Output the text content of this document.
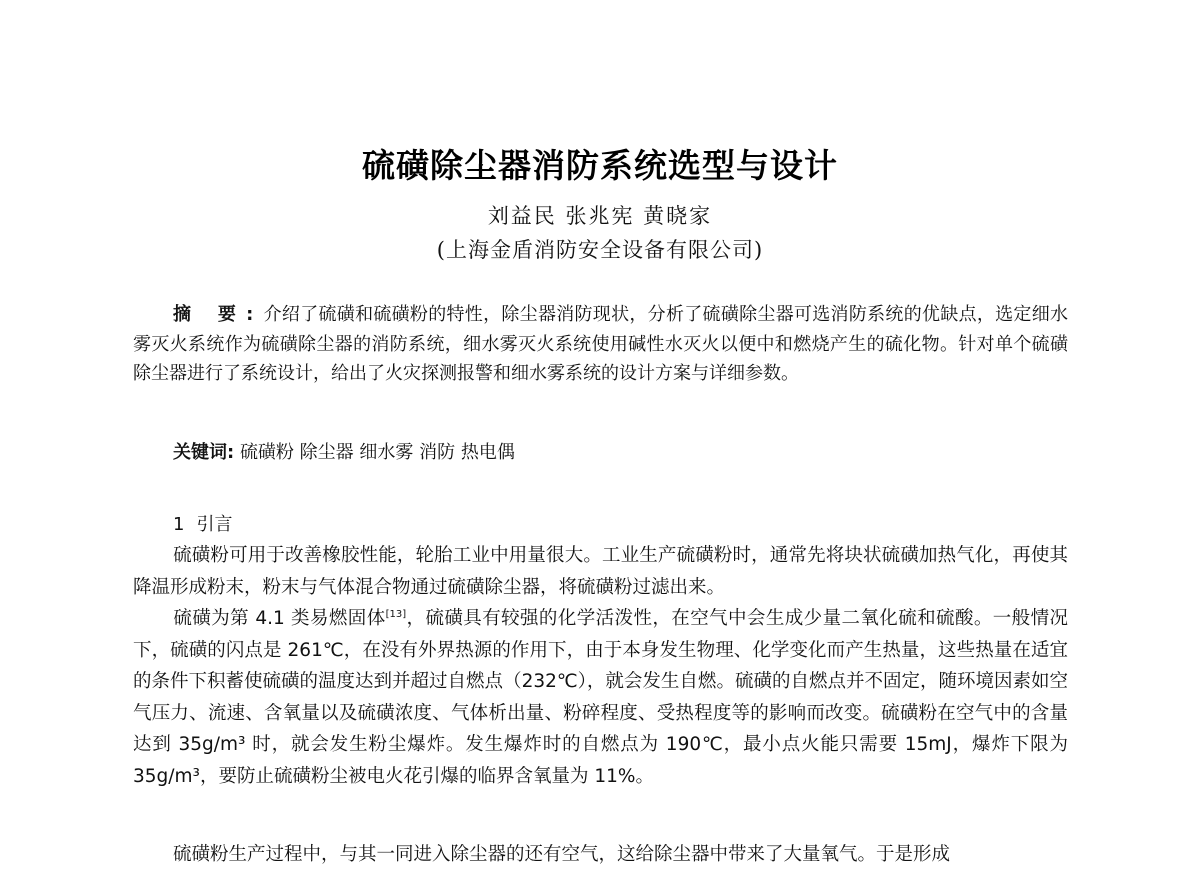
硫磺除尘器消防系统选型与设计
刘益民 张兆宪 黄晓家
(上海金盾消防安全设备有限公司)
摘 要:介绍了硫磺和硫磺粉的特性，除尘器消防现状，分析了硫磺除尘器可选消防系统的优缺点，选定细水雾灭火系统作为硫磺除尘器的消防系统，细水雾灭火系统使用碱性水灭火以便中和燃烧产生的硫化物。针对单个硫磺除尘器进行了系统设计，给出了火灾探测报警和细水雾系统的设计方案与详细参数。
关键词: 硫磺粉 除尘器 细水雾 消防 热电偶
1 引言
硫磺粉可用于改善橡胶性能，轮胎工业中用量很大。工业生产硫磺粉时，通常先将块状硫磺加热气化，再使其降温形成粉末，粉末与气体混合物通过硫磺除尘器，将硫磺粉过滤出来。
硫磺为第 4.1 类易燃固体[13]，硫磺具有较强的化学活泼性，在空气中会生成少量二氧化硫和硫酸。一般情况下，硫磺的闪点是 261℃，在没有外界热源的作用下，由于本身发生物理、化学变化而产生热量，这些热量在适宜的条件下积蓄使硫磺的温度达到并超过自燃点（232℃），就会发生自燃。硫磺的自燃点并不固定，随环境因素如空气压力、流速、含氧量以及硫磺浓度、气体析出量、粉碎程度、受热程度等的影响而改变。硫磺粉在空气中的含量达到 35g/m³ 时，就会发生粉尘爆炸。发生爆炸时的自燃点为 190℃，最小点火能只需要 15mJ，爆炸下限为 35g/m³，要防止硫磺粉尘被电火花引爆的临界含氧量为 11%。
硫磺粉生产过程中，与其一同进入除尘器的还有空气，这给除尘器中带来了大量氧气。于是形成
